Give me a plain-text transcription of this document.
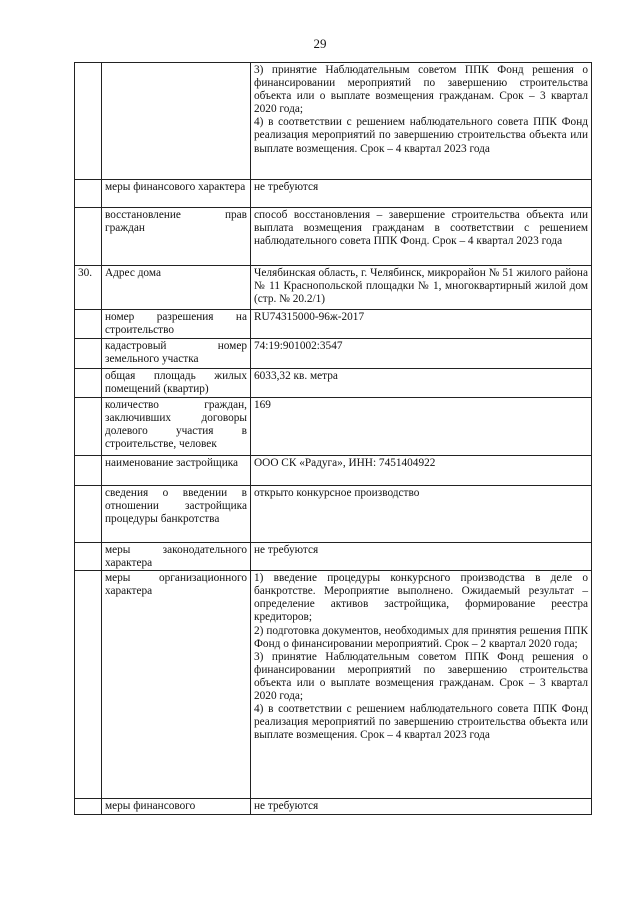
29

		3) принятие Наблюдательным советом ППК Фонд решения о финансировании мероприятий по завершению строительства объекта или о выплате возмещения гражданам. Срок – 3 квартал 2020 года;
4) в соответствии с решением наблюдательного совета ППК Фонд реализация мероприятий по завершению строительства объекта или выплате возмещения. Срок – 4 квартал 2023 года

	меры финансового характера	не требуются

	восстановление прав граждан	способ восстановления – завершение строительства объекта или выплата возмещения гражданам в соответствии с решением наблюдательного совета ППК Фонд. Срок – 4 квартал 2023 года

30.	Адрес дома	Челябинская область, г. Челябинск, микрорайон № 51 жилого района № 11 Краснопольской площадки № 1, многоквартирный жилой дом (стр. № 20.2/1)

	номер разрешения на строительство	RU74315000-96ж-2017

	кадастровый номер земельного участка	74:19:901002:3547

	общая площадь жилых помещений (квартир)	6033,32 кв. метра

	количество граждан, заключивших договоры долевого участия в строительстве, человек	169

	наименование застройщика	ООО СК «Радуга», ИНН: 7451404922

	сведения о введении в отношении застройщика процедуры банкротства	открыто конкурсное производство

	меры законодательного характера	не требуются

	меры организационного характера	1) введение процедуры конкурсного производства в деле о банкротстве. Мероприятие выполнено. Ожидаемый результат – определение активов застройщика, формирование реестра кредиторов;
2) подготовка документов, необходимых для принятия решения ППК Фонд о финансировании мероприятий. Срок – 2 квартал 2020 года;
3) принятие Наблюдательным советом ППК Фонд решения о финансировании мероприятий по завершению строительства объекта или о выплате возмещения гражданам. Срок – 3 квартал 2020 года;
4) в соответствии с решением наблюдательного совета ППК Фонд реализация мероприятий по завершению строительства объекта или выплате возмещения. Срок – 4 квартал 2023 года

	меры финансового	не требуются
